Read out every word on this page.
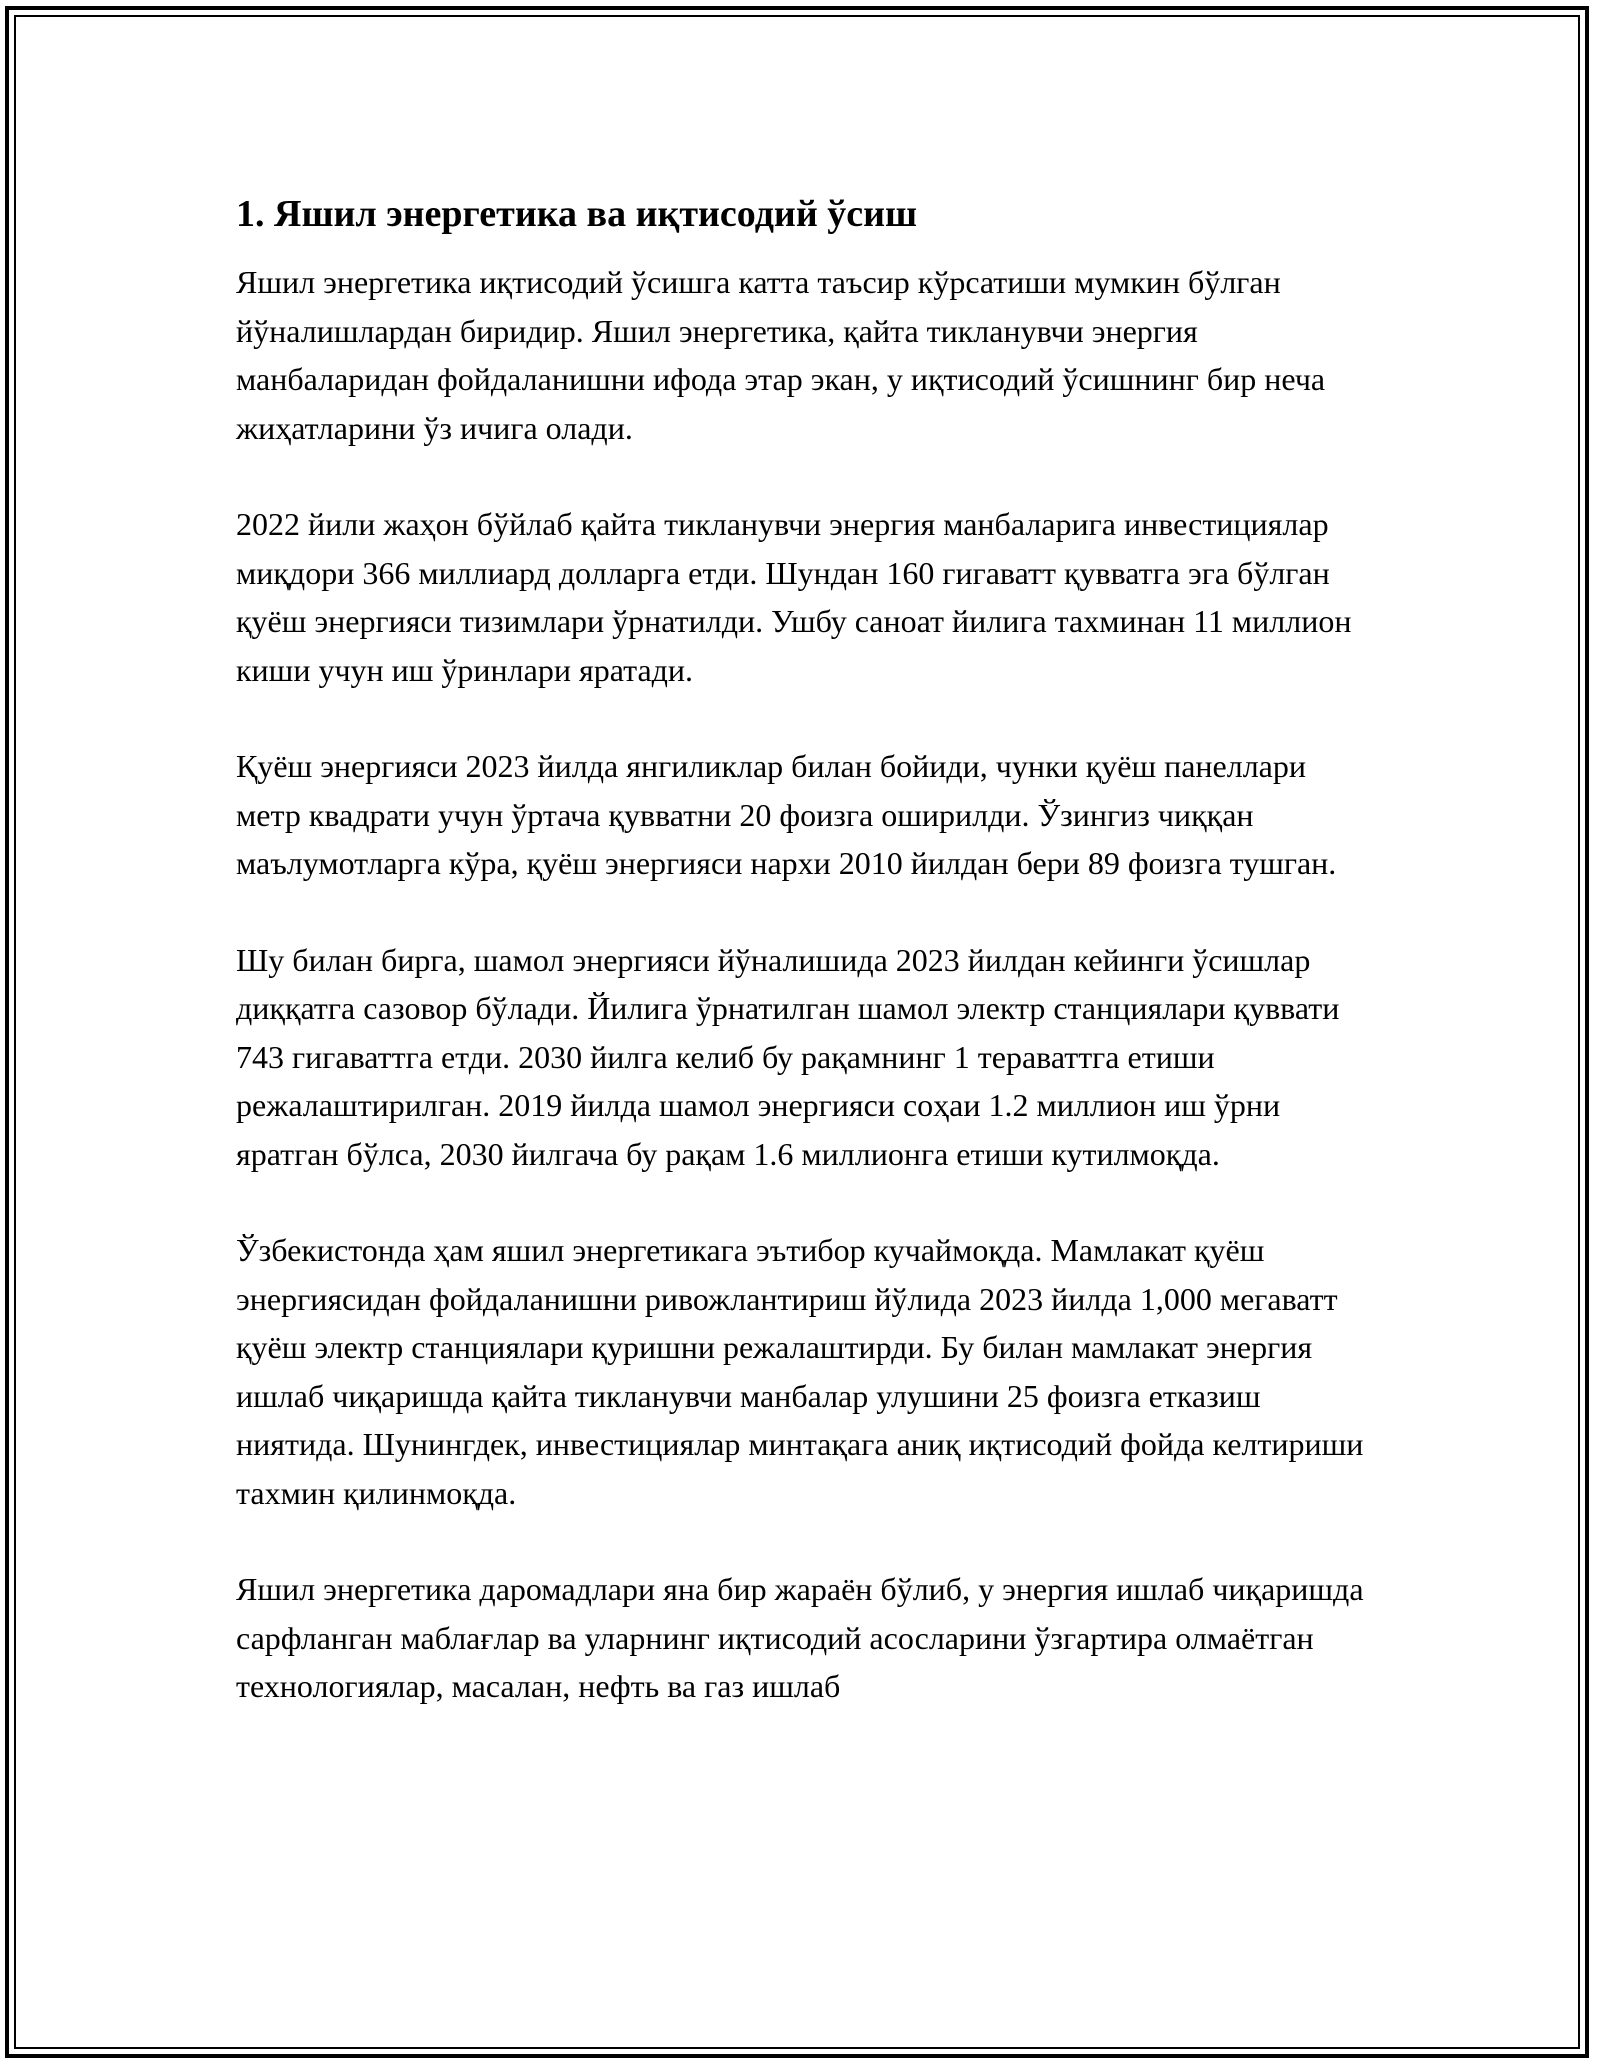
1. Яшил энергетика ва иқтисодий ўсиш

Яшил энергетика иқтисодий ўсишга катта таъсир кўрсатиши мумкин бўлган йўналишлардан биридир. Яшил энергетика, қайта тикланувчи энергия манбаларидан фойдаланишни ифода этар экан, у иқтисодий ўсишнинг бир неча жиҳатларини ўз ичига олади.

2022 йили жаҳон бўйлаб қайта тикланувчи энергия манбаларига инвестициялар миқдори 366 миллиард долларга етди. Шундан 160 гигаватт қувватга эга бўлган қуёш энергияси тизимлари ўрнатилди. Ушбу саноат йилига тахминан 11 миллион киши учун иш ўринлари яратади.

Қуёш энергияси 2023 йилда янгиликлар билан бойиди, чунки қуёш панеллари метр квадрати учун ўртача қувватни 20 фоизга оширилди. Ўзингиз чиққан маълумотларга кўра, қуёш энергияси нархи 2010 йилдан бери 89 фоизга тушган.

Шу билан бирга, шамол энергияси йўналишида 2023 йилдан кейинги ўсишлар диққатга сазовор бўлади. Йилига ўрнатилган шамол электр станциялари қуввати 743 гигаваттга етди. 2030 йилга келиб бу рақамнинг 1 тераваттга етиши режалаштирилган. 2019 йилда шамол энергияси соҳаи 1.2 миллион иш ўрни яратган бўлса, 2030 йилгача бу рақам 1.6 миллионга етиши кутилмоқда.

Ўзбекистонда ҳам яшил энергетикага эътибор кучаймоқда. Мамлакат қуёш энергиясидан фойдаланишни ривожлантириш йўлида 2023 йилда 1,000 мегаватт қуёш электр станциялари қуришни режалаштирди. Бу билан мамлакат энергия ишлаб чиқаришда қайта тикланувчи манбалар улушини 25 фоизга етказиш ниятида. Шунингдек, инвестициялар минтақага аниқ иқтисодий фойда келтириши тахмин қилинмоқда.

Яшил энергетика даромадлари яна бир жараён бўлиб, у энергия ишлаб чиқаришда сарфланган маблағлар ва уларнинг иқтисодий асосларини ўзгартира олмаётган технологиялар, масалан, нефть ва газ ишлаб
